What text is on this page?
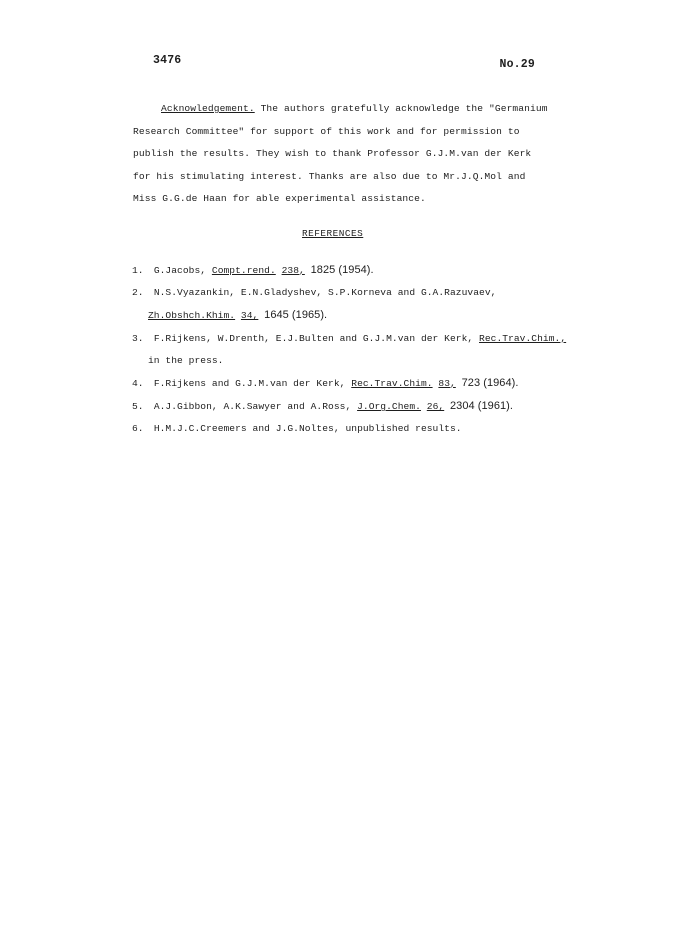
3476	No.29
Acknowledgement. The authors gratefully acknowledge the "Germanium
Research Committee" for support of this work and for permission to
publish the results. They wish to thank Professor G.J.M.van der Kerk
for his stimulating interest. Thanks are also due to Mr.J.Q.Mol and
Miss G.G.de Haan for able experimental assistance.
REFERENCES
1. G.Jacobs, Compt.rend. 238, 1825 (1954).
2. N.S.Vyazankin, E.N.Gladyshev, S.P.Korneva and G.A.Razuvaev,
Zh.Obshch.Khim. 34, 1645 (1965).
3. F.Rijkens, W.Drenth, E.J.Bulten and G.J.M.van der Kerk, Rec.Trav.Chim.,
in the press.
4. F.Rijkens and G.J.M.van der Kerk, Rec.Trav.Chim. 83, 723 (1964).
5. A.J.Gibbon, A.K.Sawyer and A.Ross, J.Org.Chem. 26, 2304 (1961).
6. H.M.J.C.Creemers and J.G.Noltes, unpublished results.
